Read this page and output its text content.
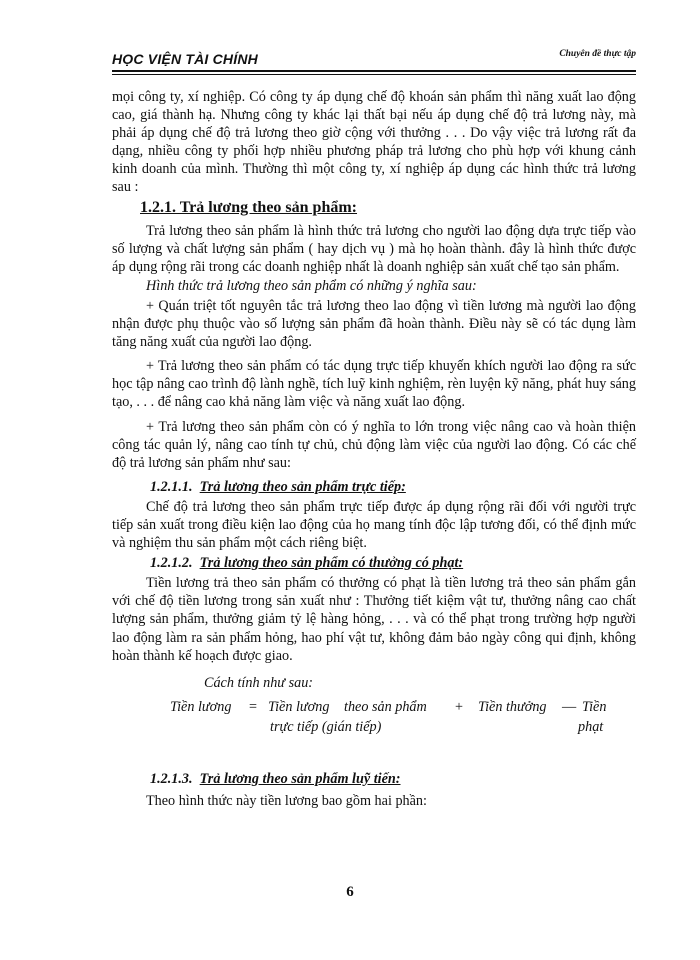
HỌC VIỆN TÀI CHÍNH	Chuyên đề thực tập

mọi công ty, xí nghiệp. Có công ty áp dụng chế độ khoán sản phẩm thì năng xuất lao động cao, giá thành hạ. Nhưng công ty khác lại thất bại nếu áp dụng chế độ trả lương này, mà phải áp dụng chế độ trả lương theo giờ cộng với thưởng . . . Do vậy việc trả lương rất đa dạng, nhiều công ty phối hợp nhiều phương pháp trả lương cho phù hợp với khung cảnh kinh doanh của mình. Thường thì một công ty, xí nghiệp áp dụng các hình thức trả lương sau :

1.2.1. Trả lương theo sản phẩm:

Trả lương theo sản phẩm là hình thức trả lương cho người lao động dựa trực tiếp vào số lượng và chất lượng sản phẩm ( hay dịch vụ ) mà họ hoàn thành. đây là hình thức được áp dụng rộng rãi trong các doanh nghiệp nhất là doanh nghiệp sản xuất chế tạo sản phẩm.

Hình thức trả lương theo sản phẩm có những ý nghĩa sau:

+ Quán triệt tốt nguyên tắc trả lương theo lao động vì tiền lương mà người lao động nhận được phụ thuộc vào số lượng sản phẩm đã hoàn thành. Điều này sẽ có tác dụng làm tăng năng xuất của người lao động.

+ Trả lương theo sản phẩm có tác dụng trực tiếp khuyến khích người lao động ra sức học tập nâng cao trình độ lành nghề, tích luỹ kinh nghiệm, rèn luyện kỹ năng, phát huy sáng tạo, . . . để nâng cao khả năng làm việc và năng xuất lao động.

+ Trả lương theo sản phẩm còn có ý nghĩa to lớn trong việc nâng cao và hoàn thiện công tác quản lý, nâng cao tính tự chủ, chủ động làm việc của người lao động. Có các chế độ trả lương sản phẩm như sau:

1.2.1.1. Trả lương theo sản phẩm trực tiếp:

Chế độ trả lương theo sản phẩm trực tiếp được áp dụng rộng rãi đối với người trực tiếp sản xuất trong điều kiện lao động của họ mang tính độc lập tương đối, có thể định mức và nghiệm thu sản phẩm một cách riêng biệt.

1.2.1.2. Trả lương theo sản phẩm có thưởng có phạt:

Tiền lương trả theo sản phẩm có thưởng có phạt là tiền lương trả theo sản phẩm gắn với chế độ tiền lương trong sản xuất như : Thưởng tiết kiệm vật tư, thưởng nâng cao chất lượng sản phẩm, thưởng giảm tỷ lệ hàng hỏng, . . . và có thể phạt trong trường hợp người lao động làm ra sản phẩm hỏng, hao phí vật tư, không đảm bảo ngày công qui định, không hoàn thành kế hoạch được giao.

Cách tính như sau:

Tiền lương = Tiền lương theo sản phẩm
trực tiếp (gián tiếp)
+ Tiền thưởng — Tiền
phạt

1.2.1.3. Trả lương theo sản phẩm luỹ tiến:

Theo hình thức này tiền lương bao gồm hai phần:

6
